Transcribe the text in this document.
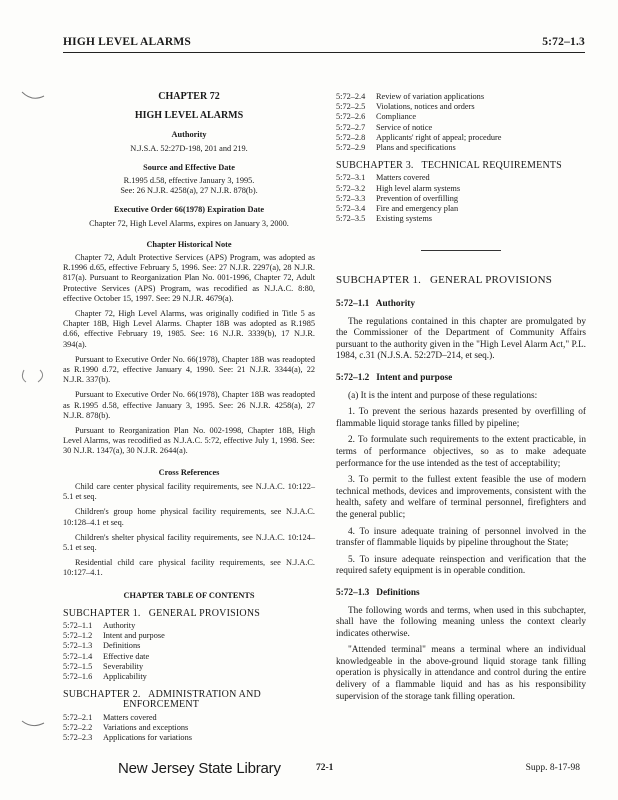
HIGH LEVEL ALARMS	5:72–1.3

CHAPTER 72

HIGH LEVEL ALARMS

Authority

N.J.S.A. 52:27D-198, 201 and 219.

Source and Effective Date

R.1995 d.58, effective January 3, 1995.

See: 26 N.J.R. 4258(a), 27 N.J.R. 878(b).

Executive Order 66(1978) Expiration Date

Chapter 72, High Level Alarms, expires on January 3, 2000.

Chapter Historical Note

Chapter 72, Adult Protective Services (APS) Program, was adopted as R.1996 d.65, effective February 5, 1996. See: 27 N.J.R. 2297(a), 28 N.J.R. 817(a). Pursuant to Reorganization Plan No. 001-1996, Chapter 72, Adult Protective Services (APS) Program, was recodified as N.J.A.C. 8:80, effective October 15, 1997. See: 29 N.J.R. 4679(a).

Chapter 72, High Level Alarms, was originally codified in Title 5 as Chapter 18B, High Level Alarms. Chapter 18B was adopted as R.1985 d.66, effective February 19, 1985. See: 16 N.J.R. 3339(b), 17 N.J.R. 394(a).

Pursuant to Executive Order No. 66(1978), Chapter 18B was readopted as R.1990 d.72, effective January 4, 1990. See: 21 N.J.R. 3344(a), 22 N.J.R. 337(b).

Pursuant to Executive Order No. 66(1978), Chapter 18B was readopted as R.1995 d.58, effective January 3, 1995. See: 26 N.J.R. 4258(a), 27 N.J.R. 878(b).

Pursuant to Reorganization Plan No. 002-1998, Chapter 18B, High Level Alarms, was recodified as N.J.A.C. 5:72, effective July 1, 1998. See: 30 N.J.R. 1347(a), 30 N.J.R. 2644(a).

Cross References

Child care center physical facility requirements, see N.J.A.C. 10:122–5.1 et seq.

Children's group home physical facility requirements, see N.J.A.C. 10:128–4.1 et seq.

Children's shelter physical facility requirements, see N.J.A.C. 10:124–5.1 et seq.

Residential child care physical facility requirements, see N.J.A.C. 10:127–4.1.

CHAPTER TABLE OF CONTENTS

SUBCHAPTER 1.   GENERAL PROVISIONS

5:72–1.1	Authority
5:72–1.2	Intent and purpose
5:72–1.3	Definitions
5:72–1.4	Effective date
5:72–1.5	Severability
5:72–1.6	Applicability

SUBCHAPTER 2.   ADMINISTRATION AND

ENFORCEMENT

5:72–2.1	Matters covered
5:72–2.2	Variations and exceptions
5:72–2.3	Applications for variations
5:72–2.4	Review of variation applications
5:72–2.5	Violations, notices and orders
5:72–2.6	Compliance
5:72–2.7	Service of notice
5:72–2.8	Applicants' right of appeal; procedure
5:72–2.9	Plans and specifications

SUBCHAPTER 3.   TECHNICAL REQUIREMENTS

5:72–3.1	Matters covered
5:72–3.2	High level alarm systems
5:72–3.3	Prevention of overfilling
5:72–3.4	Fire and emergency plan
5:72–3.5	Existing systems

SUBCHAPTER 1.   GENERAL PROVISIONS

5:72–1.1   Authority

The regulations contained in this chapter are promulgated by the Commissioner of the Department of Community Affairs pursuant to the authority given in the "High Level Alarm Act," P.L. 1984, c.31 (N.J.S.A. 52:27D–214, et seq.).

5:72–1.2   Intent and purpose

(a) It is the intent and purpose of these regulations:

1. To prevent the serious hazards presented by overfilling of flammable liquid storage tanks filled by pipeline;

2. To formulate such requirements to the extent practicable, in terms of performance objectives, so as to make adequate performance for the use intended as the test of acceptability;

3. To permit to the fullest extent feasible the use of modern technical methods, devices and improvements, consistent with the health, safety and welfare of terminal personnel, firefighters and the general public;

4. To insure adequate training of personnel involved in the transfer of flammable liquids by pipeline throughout the State;

5. To insure adequate reinspection and verification that the required safety equipment is in operable condition.

5:72–1.3   Definitions

The following words and terms, when used in this subchapter, shall have the following meaning unless the context clearly indicates otherwise.

"Attended terminal" means a terminal where an individual knowledgeable in the above-ground liquid storage tank filling operation is physically in attendance and control during the entire delivery of a flammable liquid and has as his responsibility supervision of the storage tank filling operation.

New Jersey State Library	72-1	Supp. 8-17-98
